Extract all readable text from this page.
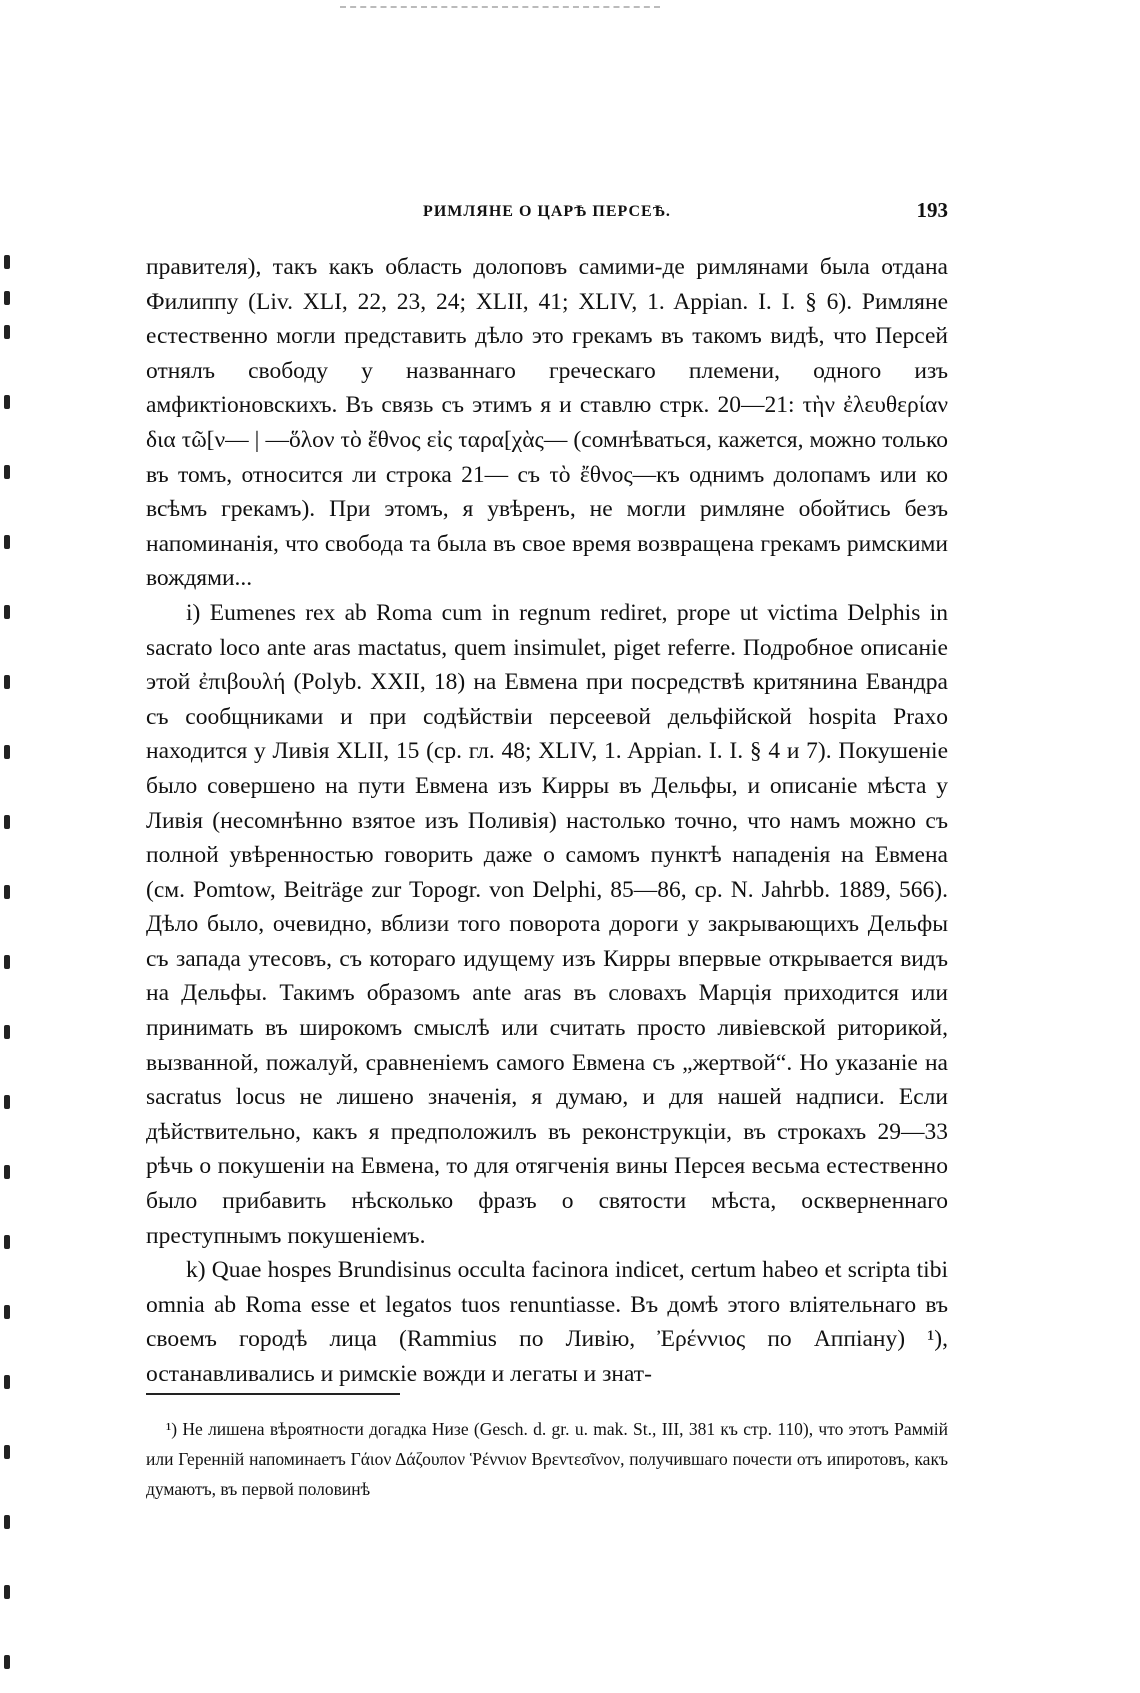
РИМЛЯНЕ О ЦАРѢ ПЕРСЕѢ.	193

правителя), такъ какъ область долоповъ самими-де римлянами была отдана Филиппу (Liv. XLI, 22, 23, 24; XLII, 41; XLIV, 1. Appian. I. I. § 6). Римляне естественно могли представить дѣло это грекамъ въ такомъ видѣ, что Персей отнялъ свободу у названнаго греческаго племени, одного изъ амфиктіоновскихъ. Въ связь съ этимъ я и ставлю стрк. 20—21: τὴν ἐλευθερίαν δια τῶ[ν— | —ὅλον τὸ ἔθνος εἰς ταρα[χὰς— (сомнѣваться, кажется, можно только въ томъ, относится ли строка 21— съ τὸ ἔθνος—къ однимъ долопамъ или ко всѣмъ грекамъ). При этомъ, я увѣренъ, не могли римляне обойтись безъ напоминанія, что свобода та была въ свое время возвращена грекамъ римскими вождями...

i) Eumenes rex ab Roma cum in regnum rediret, prope ut victima Delphis in sacrato loco ante aras mactatus, quem insimulet, piget referre. Подробное описаніе этой ἐπιβουλή (Polyb. XXII, 18) на Евмена при посредствѣ критянина Евандра съ сообщниками и при содѣйствіи персеевой дельфійской hospita Praxo находится у Ливія XLII, 15 (ср. гл. 48; XLIV, 1. Appian. I. I. § 4 и 7). Покушеніе было совершено на пути Евмена изъ Кирры въ Дельфы, и описаніе мѣста у Ливія (несомнѣнно взятое изъ Поливія) настолько точно, что намъ можно съ полной увѣренностью говорить даже о самомъ пунктѣ нападенія на Евмена (см. Pomtow, Beiträge zur Topogr. von Delphi, 85—86, ср. N. Jahrbb. 1889, 566). Дѣло было, очевидно, вблизи того поворота дороги у закрывающихъ Дельфы съ запада утесовъ, съ котораго идущему изъ Кирры впервые открывается видъ на Дельфы. Такимъ образомъ ante aras въ словахъ Марція приходится или принимать въ широкомъ смыслѣ или считать просто ливіевской риторикой, вызванной, пожалуй, сравненіемъ самого Евмена съ „жертвой“. Но указаніе на sacratus locus не лишено значенія, я думаю, и для нашей надписи. Если дѣйствительно, какъ я предположилъ въ реконструкціи, въ строкахъ 29—33 рѣчь о покушеніи на Евмена, то для отягченія вины Персея весьма естественно было прибавить нѣсколько фразъ о святости мѣста, оскверненнаго преступнымъ покушеніемъ.

k) Quae hospes Brundisinus occulta facinora indicet, certum habeo et scripta tibi omnia ab Roma esse et legatos tuos renuntiasse. Въ домѣ этого вліятельнаго въ своемъ городѣ лица (Rammius по Ливію, Ἐρέννιος по Аппіану) ¹), останавливались и римскіе вожди и легаты и знат-

¹) Не лишена вѣроятности догадка Низе (Gesch. d. gr. u. mak. St., III, 381 къ стр. 110), что этотъ Раммій или Гереннiй напоминаетъ Γάιον Δάζουπον Ῥέννιον Βρεντεσῖνον, получившаго почести отъ ипиротовъ, какъ думаютъ, въ первой половинѣ
